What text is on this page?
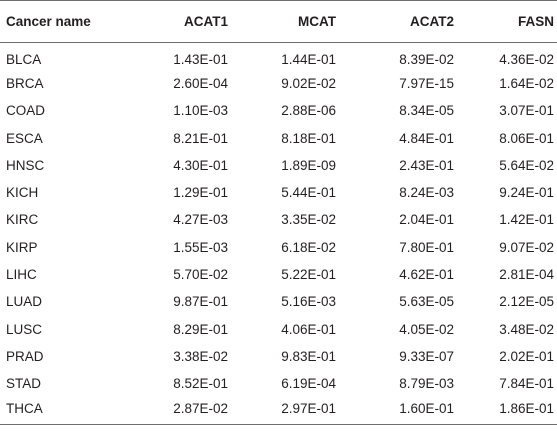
Cancer name	ACAT1	MCAT	ACAT2	FASN
BLCA	1.43E-01	1.44E-01	8.39E-02	4.36E-02
BRCA	2.60E-04	9.02E-02	7.97E-15	1.64E-02
COAD	1.10E-03	2.88E-06	8.34E-05	3.07E-01
ESCA	8.21E-01	8.18E-01	4.84E-01	8.06E-01
HNSC	4.30E-01	1.89E-09	2.43E-01	5.64E-02
KICH	1.29E-01	5.44E-01	8.24E-03	9.24E-01
KIRC	4.27E-03	3.35E-02	2.04E-01	1.42E-01
KIRP	1.55E-03	6.18E-02	7.80E-01	9.07E-02
LIHC	5.70E-02	5.22E-01	4.62E-01	2.81E-04
LUAD	9.87E-01	5.16E-03	5.63E-05	2.12E-05
LUSC	8.29E-01	4.06E-01	4.05E-02	3.48E-02
PRAD	3.38E-02	9.83E-01	9.33E-07	2.02E-01
STAD	8.52E-01	6.19E-04	8.79E-03	7.84E-01
THCA	2.87E-02	2.97E-01	1.60E-01	1.86E-01
